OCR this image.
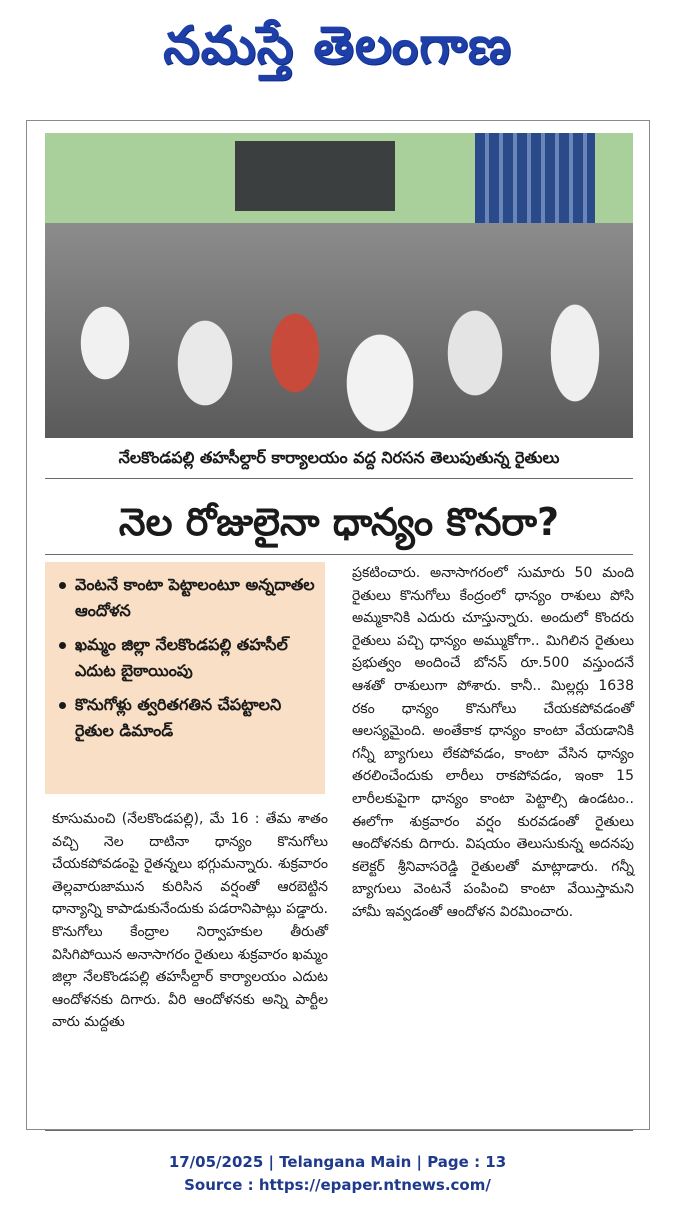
నమస్తే తెలంగాణ
నేలకొండపల్లి తహసీల్దార్ కార్యాలయం వద్ద నిరసన తెలుపుతున్న రైతులు
నెల రోజులైనా ధాన్యం కొనరా?
వెంటనే కాంటా పెట్టాలంటూ అన్నదాతల ఆందోళన
ఖమ్మం జిల్లా నేలకొండపల్లి తహసీల్ ఎదుట బైఠాయింపు
కొనుగోళ్లు త్వరితగతిన చేపట్టాలని రైతుల డిమాండ్

కూసుమంచి (నేలకొండపల్లి), మే 16 : తేమ శాతం వచ్చి నెల దాటినా ధాన్యం కొనుగోలు చేయకపోవడంపై రైతన్నలు భగ్గుమన్నారు. శుక్రవారం తెల్లవారుజామున కురిసిన వర్షంతో ఆరబెట్టిన ధాన్యాన్ని కాపాడుకునేందుకు పడరానిపాట్లు పడ్డారు. కొనుగోలు కేంద్రాల నిర్వాహకుల తీరుతో విసిగిపోయిన అనాసాగరం రైతులు శుక్రవారం ఖమ్మం జిల్లా నేలకొండపల్లి తహసీల్దార్ కార్యాలయం ఎదుట ఆందోళనకు దిగారు. వీరి ఆందోళనకు అన్ని పార్టీల వారు మద్దతు

ప్రకటించారు. అనాసాగరంలో సుమారు 50 మంది రైతులు కొనుగోలు కేంద్రంలో ధాన్యం రాశులు పోసి అమ్మకానికి ఎదురు చూస్తున్నారు. అందులో కొందరు రైతులు పచ్చి ధాన్యం అమ్ముకోగా.. మిగిలిన రైతులు ప్రభుత్వం అందించే బోనస్ రూ.500 వస్తుందనే ఆశతో రాశులుగా పోశారు. కానీ.. మిల్లర్లు 1638 రకం ధాన్యం కొనుగోలు చేయకపోవడంతో ఆలస్యమైంది. అంతేకాక ధాన్యం కాంటా వేయడానికి గన్నీ బ్యాగులు లేకపోవడం, కాంటా వేసిన ధాన్యం తరలించేందుకు లారీలు రాకపోవడం, ఇంకా 15 లారీలకుపైగా ధాన్యం కాంటా పెట్టాల్సి ఉండటం.. ఈలోగా శుక్రవారం వర్షం కురవడంతో రైతులు ఆందోళనకు దిగారు. విషయం తెలుసుకున్న అదనపు కలెక్టర్ శ్రీనివాసరెడ్డి రైతులతో మాట్లాడారు. గన్నీ బ్యాగులు వెంటనే పంపించి కాంటా వేయిస్తామని హామీ ఇవ్వడంతో ఆందోళన విరమించారు.

17/05/2025 | Telangana Main | Page : 13
Source : https://epaper.ntnews.com/
